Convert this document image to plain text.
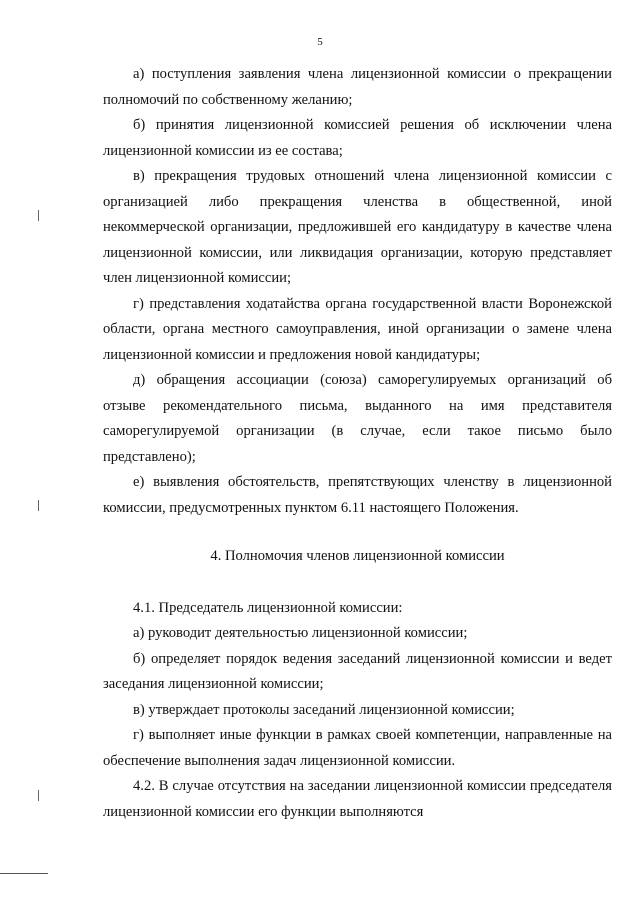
5

а) поступления заявления члена лицензионной комиссии о прекращении полномочий по собственному желанию;

б) принятия лицензионной комиссией решения об исключении члена лицензионной комиссии из ее состава;

в) прекращения трудовых отношений члена лицензионной комиссии с организацией либо прекращения членства в общественной, иной некоммерческой организации, предложившей его кандидатуру в качестве члена лицензионной комиссии, или ликвидация организации, которую представляет член лицензионной комиссии;

г) представления ходатайства органа государственной власти Воронежской области, органа местного самоуправления, иной организации о замене члена лицензионной комиссии и предложения новой кандидатуры;

д) обращения ассоциации (союза) саморегулируемых организаций об отзыве рекомендательного письма, выданного на имя представителя саморегулируемой организации (в случае, если такое письмо было представлено);

е) выявления обстоятельств, препятствующих членству в лицензионной комиссии, предусмотренных пунктом 6.11 настоящего Положения.

4. Полномочия членов лицензионной комиссии

4.1. Председатель лицензионной комиссии:

а) руководит деятельностью лицензионной комиссии;

б) определяет порядок ведения заседаний лицензионной комиссии и ведет заседания лицензионной комиссии;

в) утверждает протоколы заседаний лицензионной комиссии;

г) выполняет иные функции в рамках своей компетенции, направленные на обеспечение выполнения задач лицензионной комиссии.

4.2. В случае отсутствия на заседании лицензионной комиссии председателя лицензионной комиссии его функции выполняются
